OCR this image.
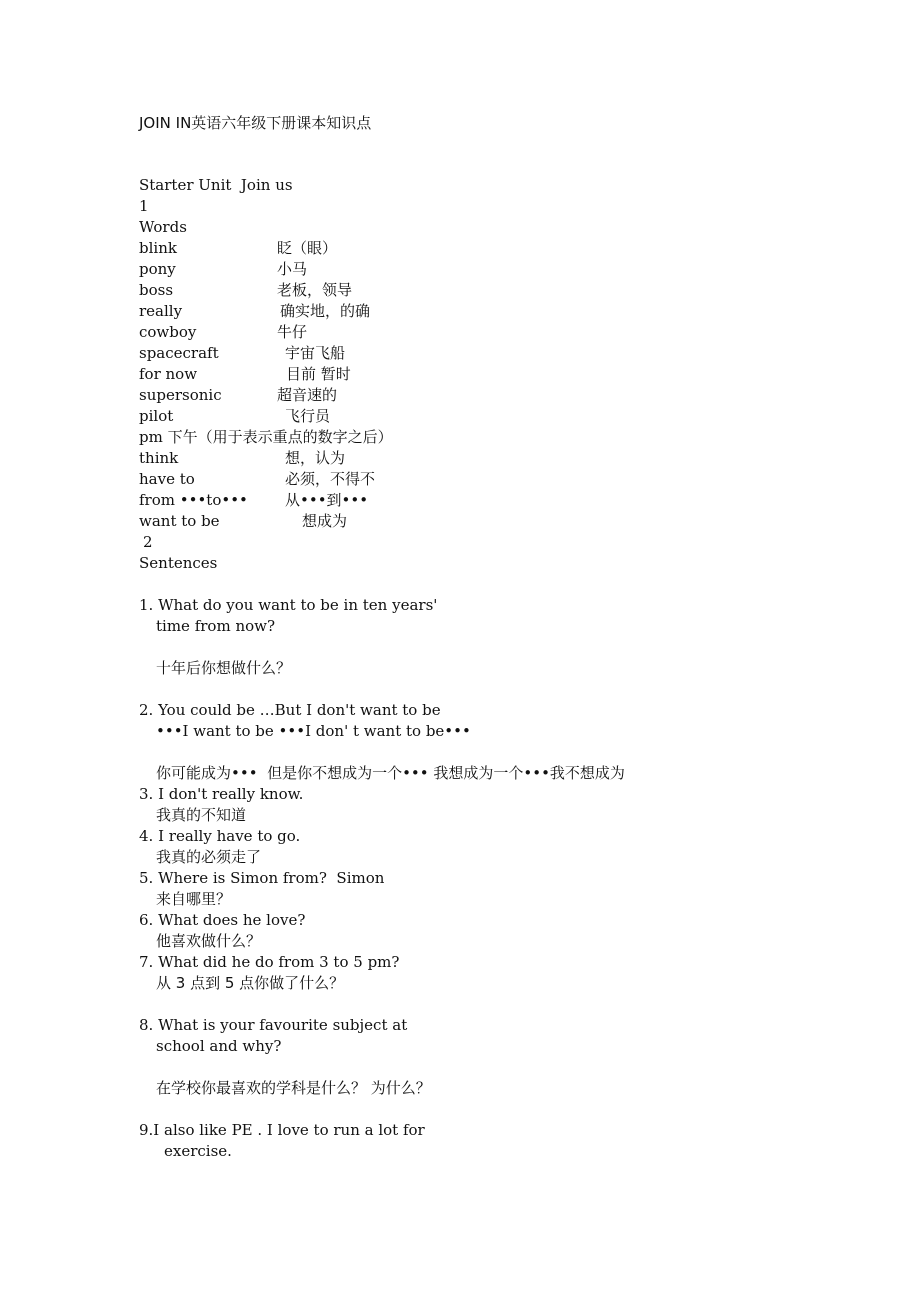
JOIN IN英语六年级下册课本知识点
Starter Unit  Join us
1
Words
blink	眨（眼）
pony	小马
boss	老板，领导
really	确实地，的确
cowboy	牛仔
spacecraft	宇宙飞船
for now	目前 暂时
supersonic	超音速的
pilot	飞行员
pm 下午（用于表示重点的数字之后）
think	想，认为
have to	必须，不得不
from •••to••• 从•••到•••
want to be	想成为
2
Sentences
1. What do you want to be in ten years'
time from now?
十年后你想做什么？
2. You could be …But I don't want to be
•••I want to be •••I don' t want to be•••
你可能成为•••  但是你不想成为一个••• 我想成为一个•••我不想成为
3. I don't really know.
我真的不知道
4. I really have to go.
我真的必须走了
5. Where is Simon from?  Simon
来自哪里？
6. What does he love?
他喜欢做什么？
7. What did he do from 3 to 5 pm?
从 3 点到 5 点你做了什么？
8. What is your favourite subject at
school and why?
在学校你最喜欢的学科是什么？ 为什么？
9.I also like PE . I love to run a lot for
exercise.
